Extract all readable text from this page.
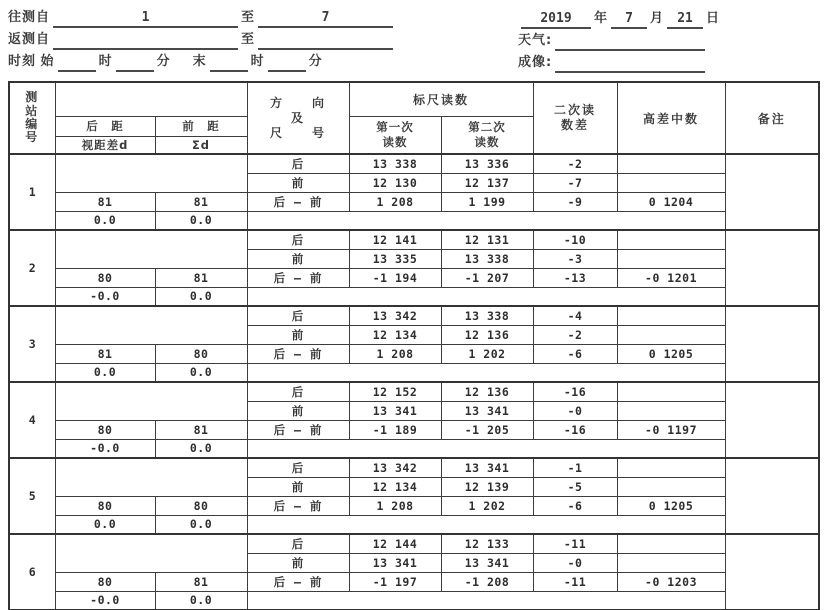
往测自	1	至	7
返测自	至
时刻 始	时	分 末	时	分
2019 年 7 月 21 日
天气:
成像:
测
站
编
号			方　　向
及
尺　　号	标尺读数		二次读
数差	高差中数	备注
	后　距	前　距		第一次
读数	第二次
读数			
	视距差d	Σd						
1			后	13 338	13 336	-2		
			前	12 130	12 137	-7		
	81	81	后 — 前	1 208	1 199	-9	0 1204	
	0.0	0.0						
2			后	12 141	12 131	-10		
			前	13 335	13 338	-3		
	80	81	后 — 前	-1 194	-1 207	-13	-0 1201	
	-0.0	0.0						
3			后	13 342	13 338	-4		
			前	12 134	12 136	-2		
	81	80	后 — 前	1 208	1 202	-6	0 1205	
	0.0	0.0						
4			后	12 152	12 136	-16		
			前	13 341	13 341	-0		
	80	81	后 — 前	-1 189	-1 205	-16	-0 1197	
	-0.0	0.0						
5			后	13 342	13 341	-1		
			前	12 134	12 139	-5		
	80	80	后 — 前	1 208	1 202	-6	0 1205	
	0.0	0.0						
6			后	12 144	12 133	-11		
			前	13 341	13 341	-0		
	80	81	后 — 前	-1 197	-1 208	-11	-0 1203	
	-0.0	0.0						
